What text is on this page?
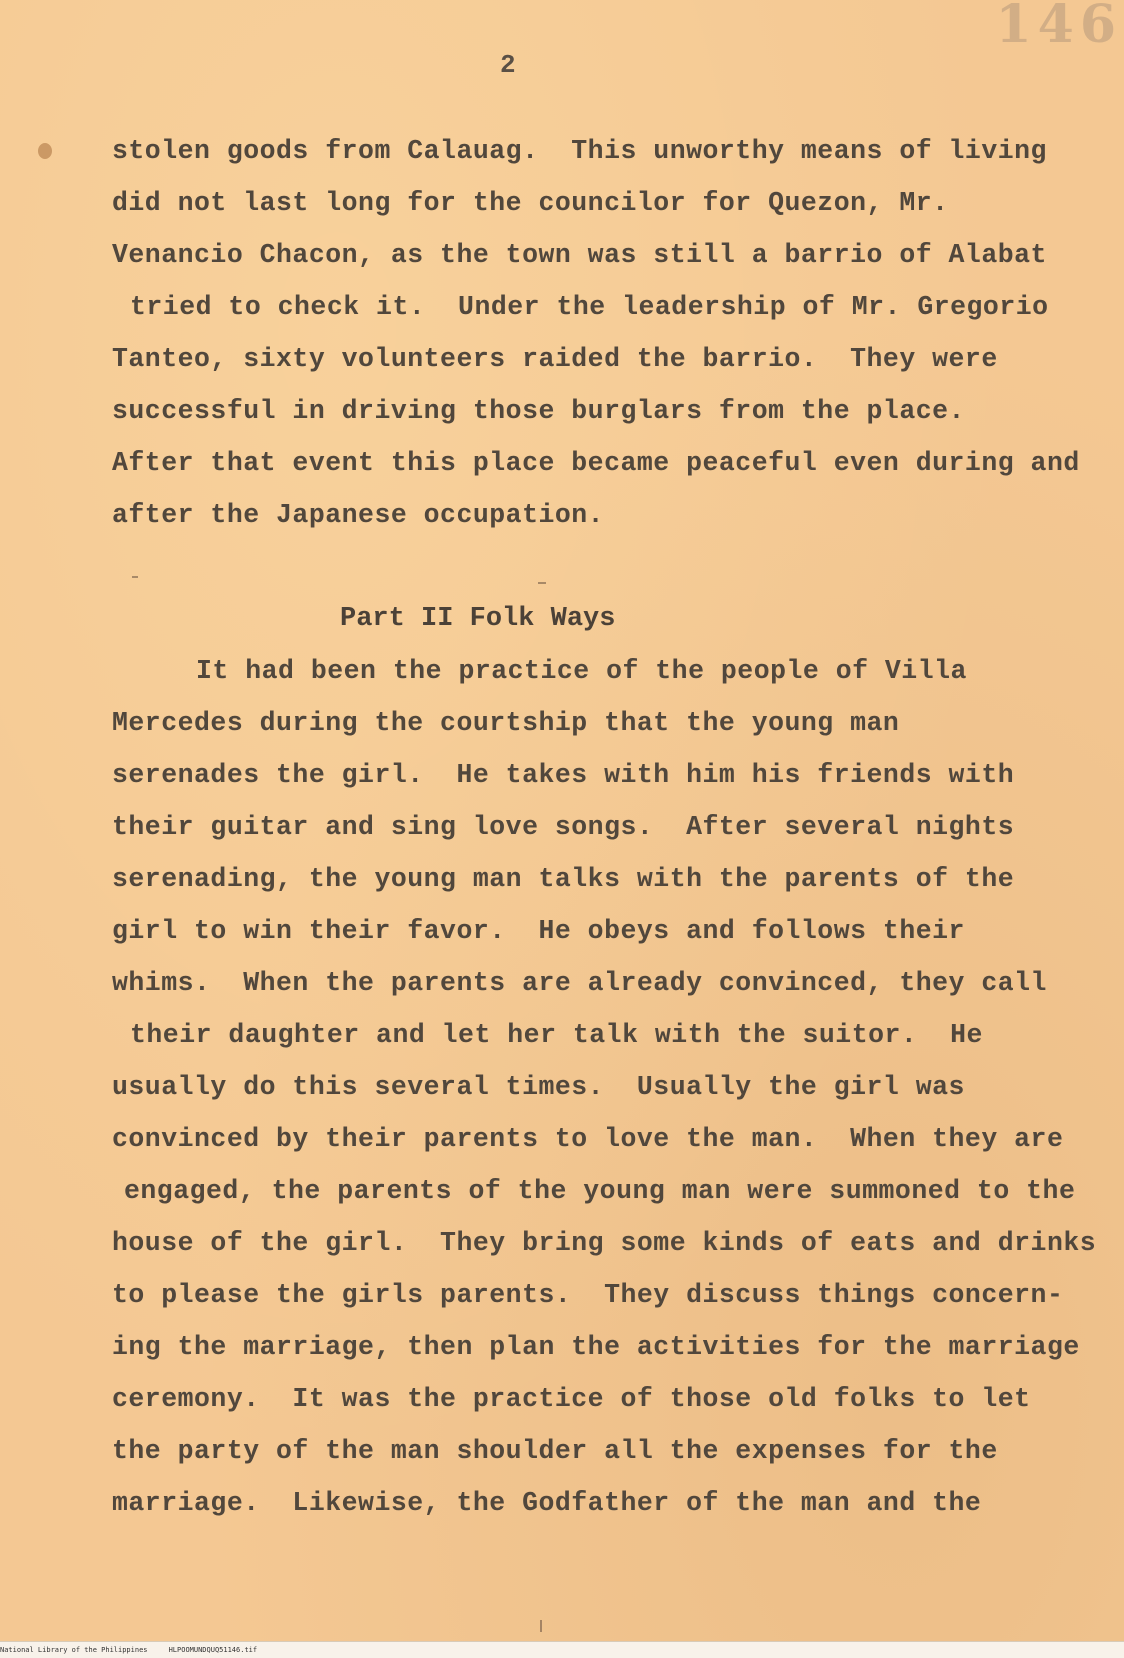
146
2
stolen goods from Calauag.  This unworthy means of living
did not last long for the councilor for Quezon, Mr.
Venancio Chacon, as the town was still a barrio of Alabat
tried to check it.  Under the leadership of Mr. Gregorio
Tanteo, sixty volunteers raided the barrio.  They were
successful in driving those burglars from the place.
After that event this place became peaceful even during and
after the Japanese occupation.
Part II Folk Ways
It had been the practice of the people of Villa
Mercedes during the courtship that the young man
serenades the girl.  He takes with him his friends with
their guitar and sing love songs.  After several nights
serenading, the young man talks with the parents of the
girl to win their favor.  He obeys and follows their
whims.  When the parents are already convinced, they call
their daughter and let her talk with the suitor.  He
usually do this several times.  Usually the girl was
convinced by their parents to love the man.  When they are
engaged, the parents of the young man were summoned to the
house of the girl.  They bring some kinds of eats and drinks
to please the girls parents.  They discuss things concern-
ing the marriage, then plan the activities for the marriage
ceremony.  It was the practice of those old folks to let
the party of the man shoulder all the expenses for the
marriage.  Likewise, the Godfather of the man and the
National Library of the Philippines	HLPOOMUNDQUQ51146.tif
